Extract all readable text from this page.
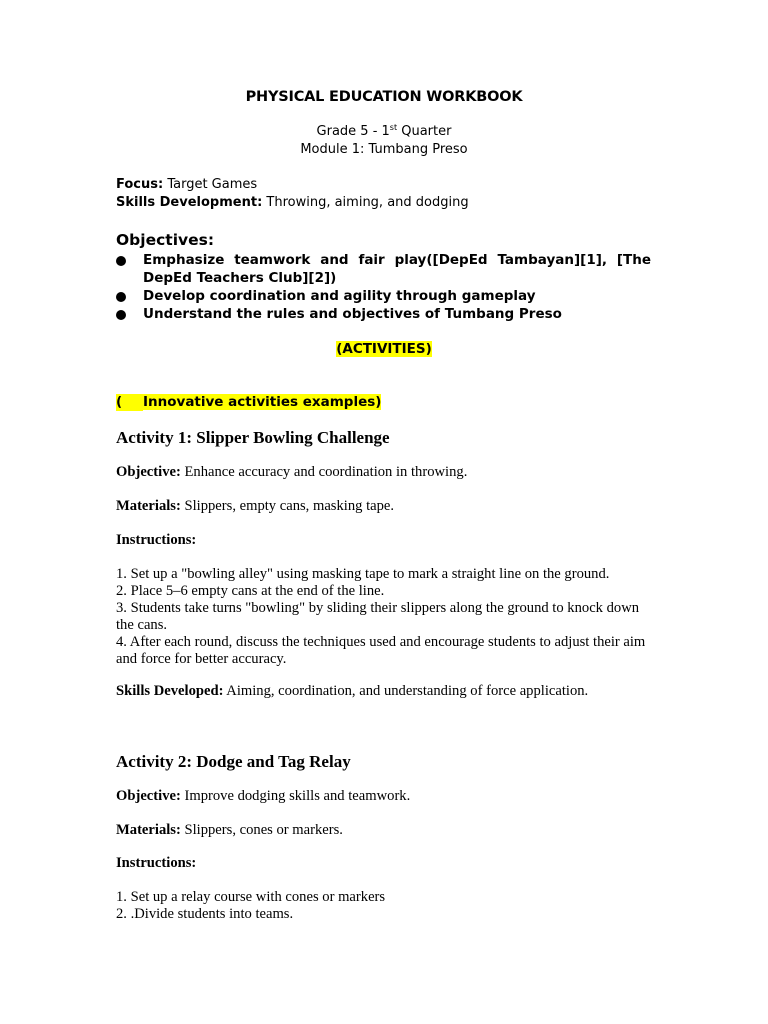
PHYSICAL EDUCATION WORKBOOK
Grade 5 - 1st Quarter
Module 1: Tumbang Preso
Focus: Target Games
Skills Development: Throwing, aiming, and dodging
Objectives:
Emphasize teamwork and fair play([DepEd Tambayan][1], [The DepEd Teachers Club][2])
Develop coordination and agility through gameplay
Understand the rules and objectives of Tumbang Preso
(ACTIVITIES)
( Innovative activities examples)
Activity 1: Slipper Bowling Challenge
Objective: Enhance accuracy and coordination in throwing.
Materials: Slippers, empty cans, masking tape.
Instructions:
1. Set up a "bowling alley" using masking tape to mark a straight line on the ground.
2. Place 5–6 empty cans at the end of the line.
3. Students take turns "bowling" by sliding their slippers along the ground to knock down the cans.
4. After each round, discuss the techniques used and encourage students to adjust their aim and force for better accuracy.
Skills Developed: Aiming, coordination, and understanding of force application.
Activity 2: Dodge and Tag Relay
Objective: Improve dodging skills and teamwork.
Materials: Slippers, cones or markers.
Instructions:
1. Set up a relay course with cones or markers
2. .Divide students into teams.
